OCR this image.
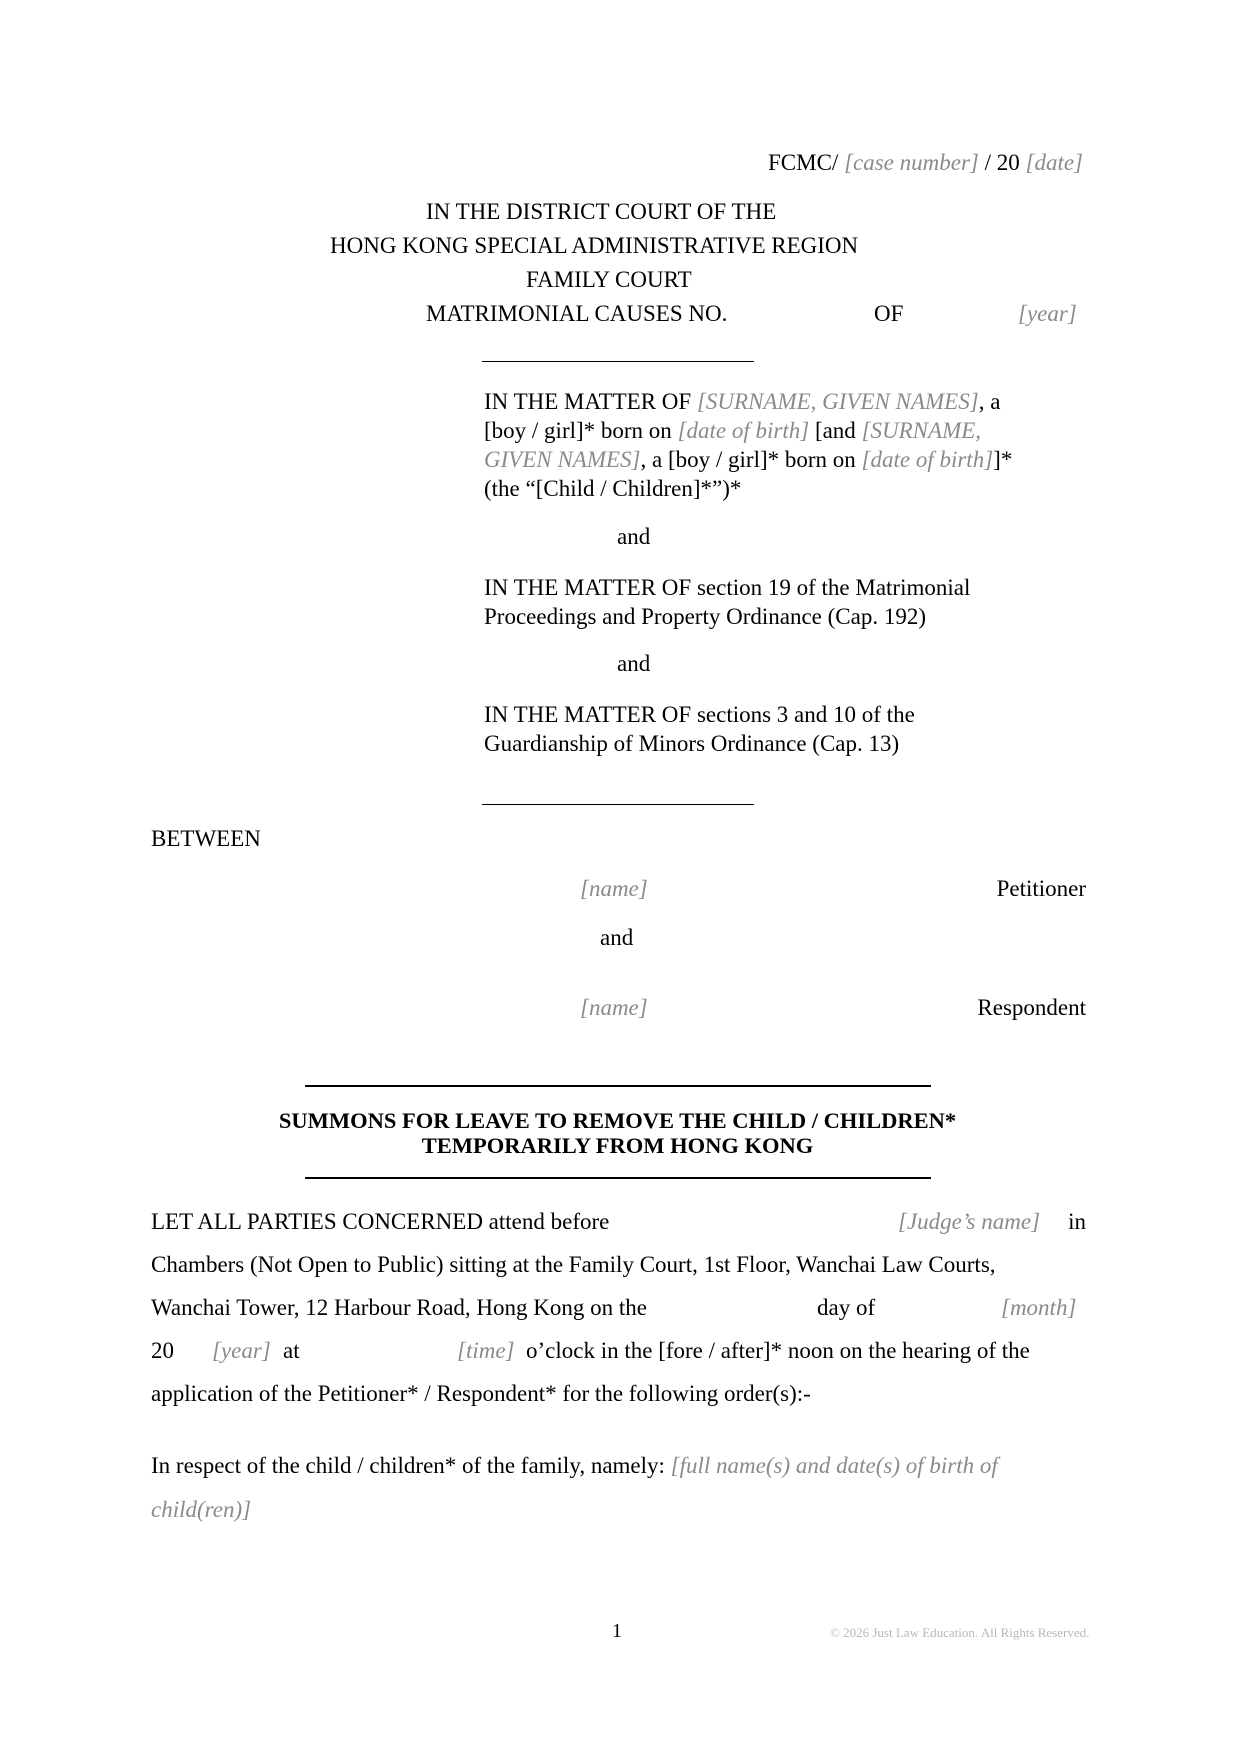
FCMC/ [case number] / 20 [date]
IN THE DISTRICT COURT OF THE
HONG KONG SPECIAL ADMINISTRATIVE REGION
FAMILY COURT
MATRIMONIAL CAUSES NO.	OF	[year]
IN THE MATTER OF [SURNAME, GIVEN NAMES], a
[boy / girl]* born on [date of birth] [and [SURNAME,
GIVEN NAMES], a [boy / girl]* born on [date of birth]]*
(the “[Child / Children]*”)*
and
IN THE MATTER OF section 19 of the Matrimonial
Proceedings and Property Ordinance (Cap. 192)
and
IN THE MATTER OF sections 3 and 10 of the
Guardianship of Minors Ordinance (Cap. 13)
BETWEEN
[name]	Petitioner
and
[name]	Respondent
SUMMONS FOR LEAVE TO REMOVE THE CHILD / CHILDREN*
TEMPORARILY FROM HONG KONG
LET ALL PARTIES CONCERNED attend before	[Judge’s name] in
Chambers (Not Open to Public) sitting at the Family Court, 1st Floor, Wanchai Law Courts,
Wanchai Tower, 12 Harbour Road, Hong Kong on the	day of	[month]
20 [year] at	[time] o’clock in the [fore / after]* noon on the hearing of the
application of the Petitioner* / Respondent* for the following order(s):-
In respect of the child / children* of the family, namely: [full name(s) and date(s) of birth of
child(ren)]
1	© 2026 Just Law Education. All Rights Reserved.
